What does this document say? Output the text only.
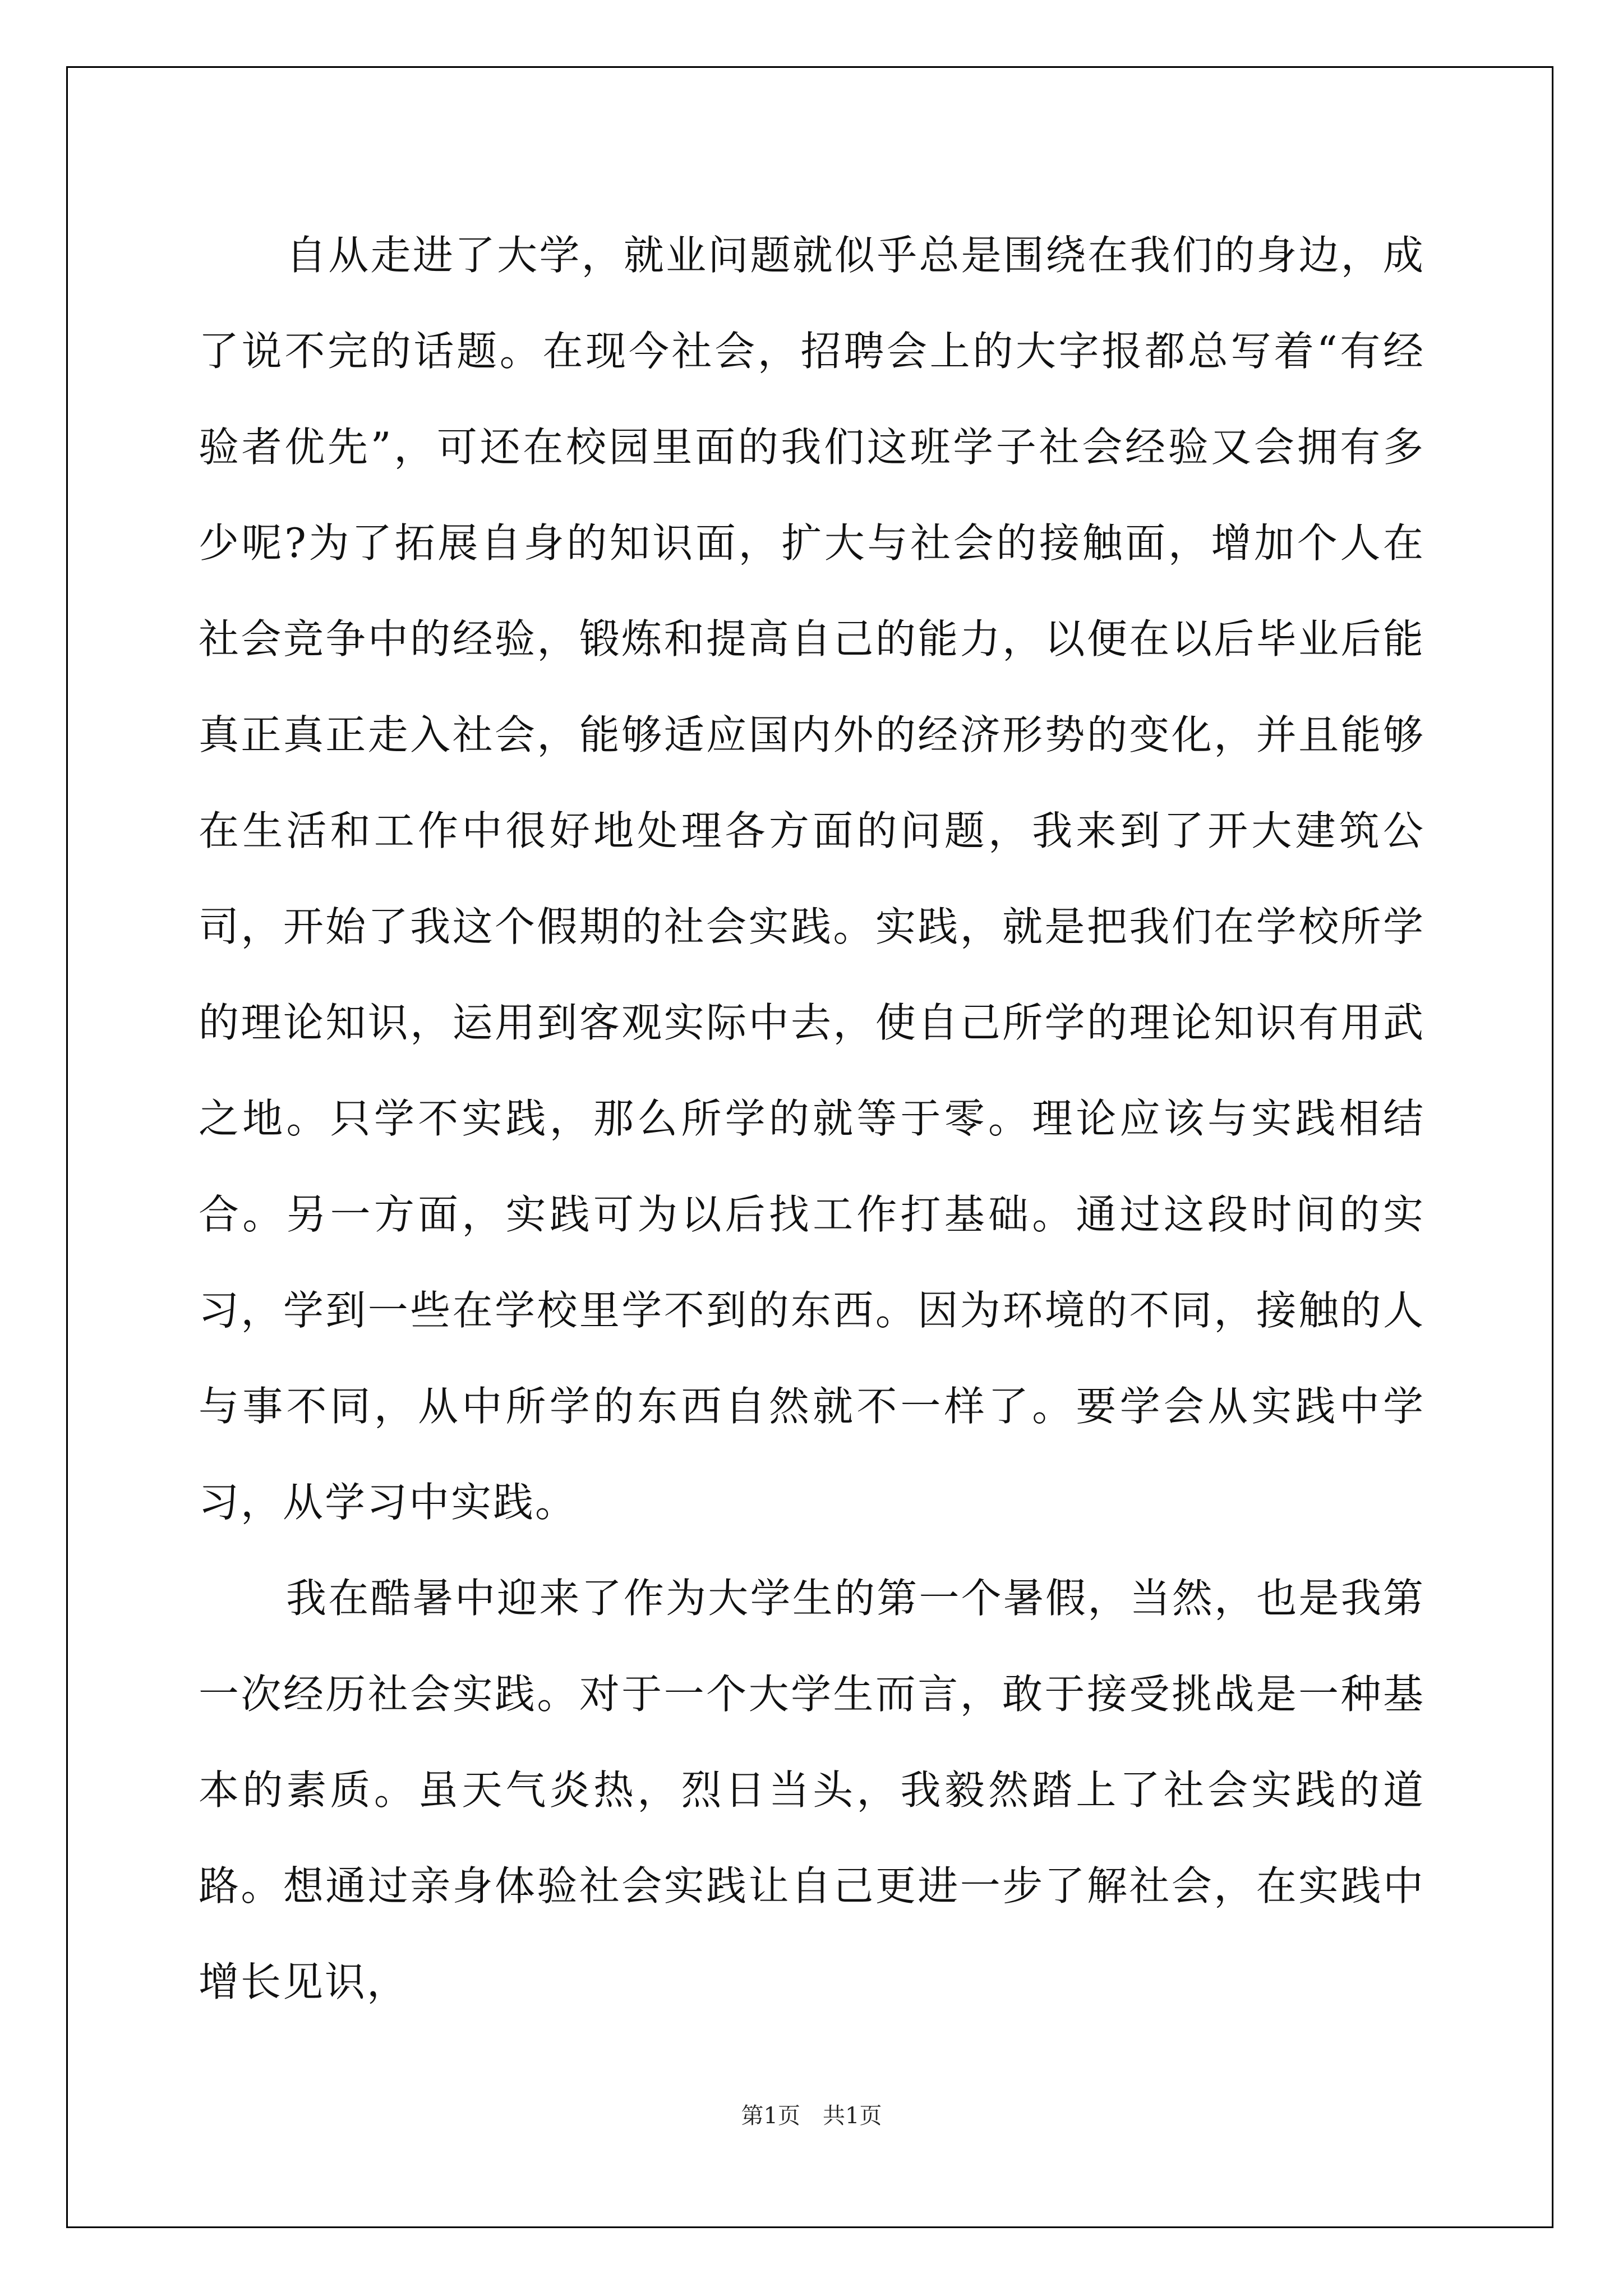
自从走进了大学，就业问题就似乎总是围绕在我们的身边，成了说不完的话题。在现今社会，招聘会上的大字报都总写着“有经验者优先”，可还在校园里面的我们这班学子社会经验又会拥有多少呢?为了拓展自身的知识面，扩大与社会的接触面，增加个人在社会竞争中的经验，锻炼和提高自己的能力，以便在以后毕业后能真正真正走入社会，能够适应国内外的经济形势的变化，并且能够在生活和工作中很好地处理各方面的问题，我来到了开大建筑公司，开始了我这个假期的社会实践。实践，就是把我们在学校所学的理论知识，运用到客观实际中去，使自己所学的理论知识有用武之地。只学不实践，那么所学的就等于零。理论应该与实践相结合。另一方面，实践可为以后找工作打基础。通过这段时间的实习，学到一些在学校里学不到的东西。因为环境的不同，接触的人与事不同，从中所学的东西自然就不一样了。要学会从实践中学习，从学习中实践。

我在酷暑中迎来了作为大学生的第一个暑假，当然，也是我第一次经历社会实践。对于一个大学生而言，敢于接受挑战是一种基本的素质。虽天气炎热，烈日当头，我毅然踏上了社会实践的道路。想通过亲身体验社会实践让自己更进一步了解社会，在实践中增长见识，

第1页　共1页
